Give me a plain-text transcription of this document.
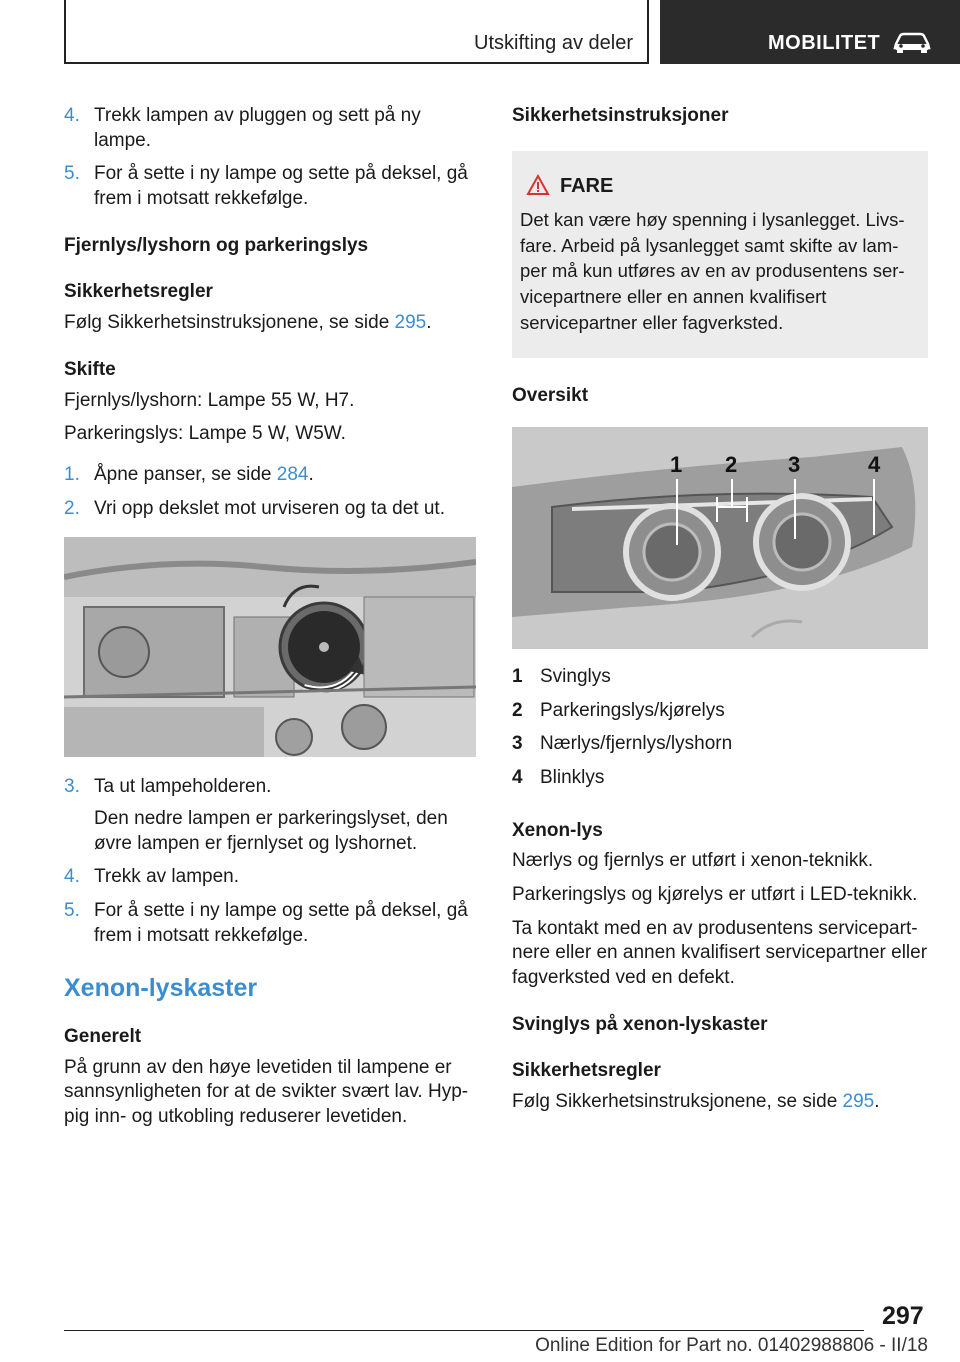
Utskifting av deler	MOBILITET
4. Trekk lampen av pluggen og sett på ny lampe.
5. For å sette i ny lampe og sette på deksel, gå frem i motsatt rekkefølge.
Fjernlys/lyshorn og parkeringslys
Sikkerhetsregler
Følg Sikkerhetsinstruksjonene, se side 295.
Skifte
Fjernlys/lyshorn: Lampe 55 W, H7.
Parkeringslys: Lampe 5 W, W5W.
1. Åpne panser, se side 284.
2. Vri opp dekslet mot urviseren og ta det ut.
3. Ta ut lampeholderen.
Den nedre lampen er parkeringslyset, den øvre lampen er fjernlyset og lyshornet.
4. Trekk av lampen.
5. For å sette i ny lampe og sette på deksel, gå frem i motsatt rekkefølge.
Xenon-lyskaster
Generelt
På grunn av den høye levetiden til lampene er sannsynligheten for at de svikter svært lav. Hyp- pig inn- og utkobling reduserer levetiden.
Sikkerhetsinstruksjoner
FARE
Det kan være høy spenning i lysanlegget. Livs- fare. Arbeid på lysanlegget samt skifte av lam- per må kun utføres av en av produsentens ser- vicepartnere eller en annen kvalifisert servicepartner eller fagverksted.
Oversikt
1 2 3	4
1 Svinglys
2 Parkeringslys/kjørelys
3 Nærlys/fjernlys/lyshorn
4 Blinklys
Xenon-lys
Nærlys og fjernlys er utført i xenon-teknikk.
Parkeringslys og kjørelys er utført i LED-teknikk.
Ta kontakt med en av produsentens servicepart- nere eller en annen kvalifisert servicepartner eller fagverksted ved en defekt.
Svinglys på xenon-lyskaster
Sikkerhetsregler
Følg Sikkerhetsinstruksjonene, se side 295.
297
Online Edition for Part no. 01402988806 - II/18
